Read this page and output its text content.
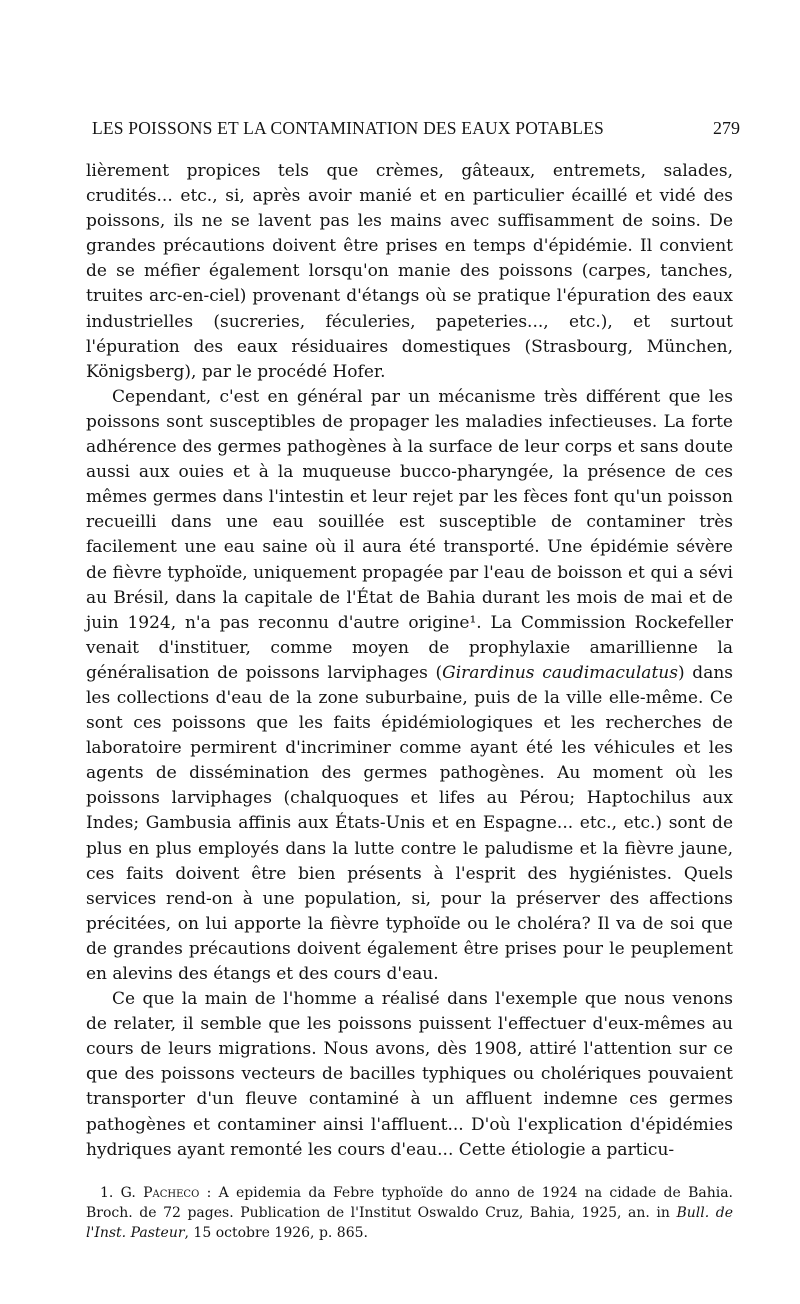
LES POISSONS ET LA CONTAMINATION DES EAUX POTABLES	279

lièrement propices tels que crèmes, gâteaux, entremets, salades, crudités... etc., si, après avoir manié et en particulier écaillé et vidé des poissons, ils ne se lavent pas les mains avec suffisamment de soins. De grandes précautions doivent être prises en temps d'épidémie. Il convient de se méfier également lorsqu'on manie des poissons (carpes, tanches, truites arc-en-ciel) provenant d'étangs où se pratique l'épuration des eaux industrielles (sucreries, féculeries, papeteries..., etc.), et surtout l'épuration des eaux résiduaires domestiques (Strasbourg, München, Königsberg), par le procédé Hofer.

Cependant, c'est en général par un mécanisme très différent que les poissons sont susceptibles de propager les maladies infectieuses. La forte adhérence des germes pathogènes à la surface de leur corps et sans doute aussi aux ouies et à la muqueuse bucco-pharyngée, la présence de ces mêmes germes dans l'intestin et leur rejet par les fèces font qu'un poisson recueilli dans une eau souillée est susceptible de contaminer très facilement une eau saine où il aura été transporté. Une épidémie sévère de fièvre typhoïde, uniquement propagée par l'eau de boisson et qui a sévi au Brésil, dans la capitale de l'État de Bahia durant les mois de mai et de juin 1924, n'a pas reconnu d'autre origine¹. La Commission Rockefeller venait d'instituer, comme moyen de prophylaxie amarillienne la généralisation de poissons larviphages (Girardinus caudimaculatus) dans les collections d'eau de la zone suburbaine, puis de la ville elle-même. Ce sont ces poissons que les faits épidémiologiques et les recherches de laboratoire permirent d'incriminer comme ayant été les véhicules et les agents de dissémination des germes pathogènes. Au moment où les poissons larviphages (chalquoques et lifes au Pérou; Haptochilus aux Indes; Gambusia affinis aux États-Unis et en Espagne... etc., etc.) sont de plus en plus employés dans la lutte contre le paludisme et la fièvre jaune, ces faits doivent être bien présents à l'esprit des hygiénistes. Quels services rend-on à une population, si, pour la préserver des affections précitées, on lui apporte la fièvre typhoïde ou le choléra? Il va de soi que de grandes précautions doivent également être prises pour le peuplement en alevins des étangs et des cours d'eau.

Ce que la main de l'homme a réalisé dans l'exemple que nous venons de relater, il semble que les poissons puissent l'effectuer d'eux-mêmes au cours de leurs migrations. Nous avons, dès 1908, attiré l'attention sur ce que des poissons vecteurs de bacilles typhiques ou cholériques pouvaient transporter d'un fleuve contaminé à un affluent indemne ces germes pathogènes et contaminer ainsi l'affluent... D'où l'explication d'épidémies hydriques ayant remonté les cours d'eau... Cette étiologie a particu-

1. G. Pacheco : A epidemia da Febre typhoïde do anno de 1924 na cidade de Bahia. Broch. de 72 pages. Publication de l'Institut Oswaldo Cruz, Bahia, 1925, an. in Bull. de l'Inst. Pasteur, 15 octobre 1926, p. 865.
